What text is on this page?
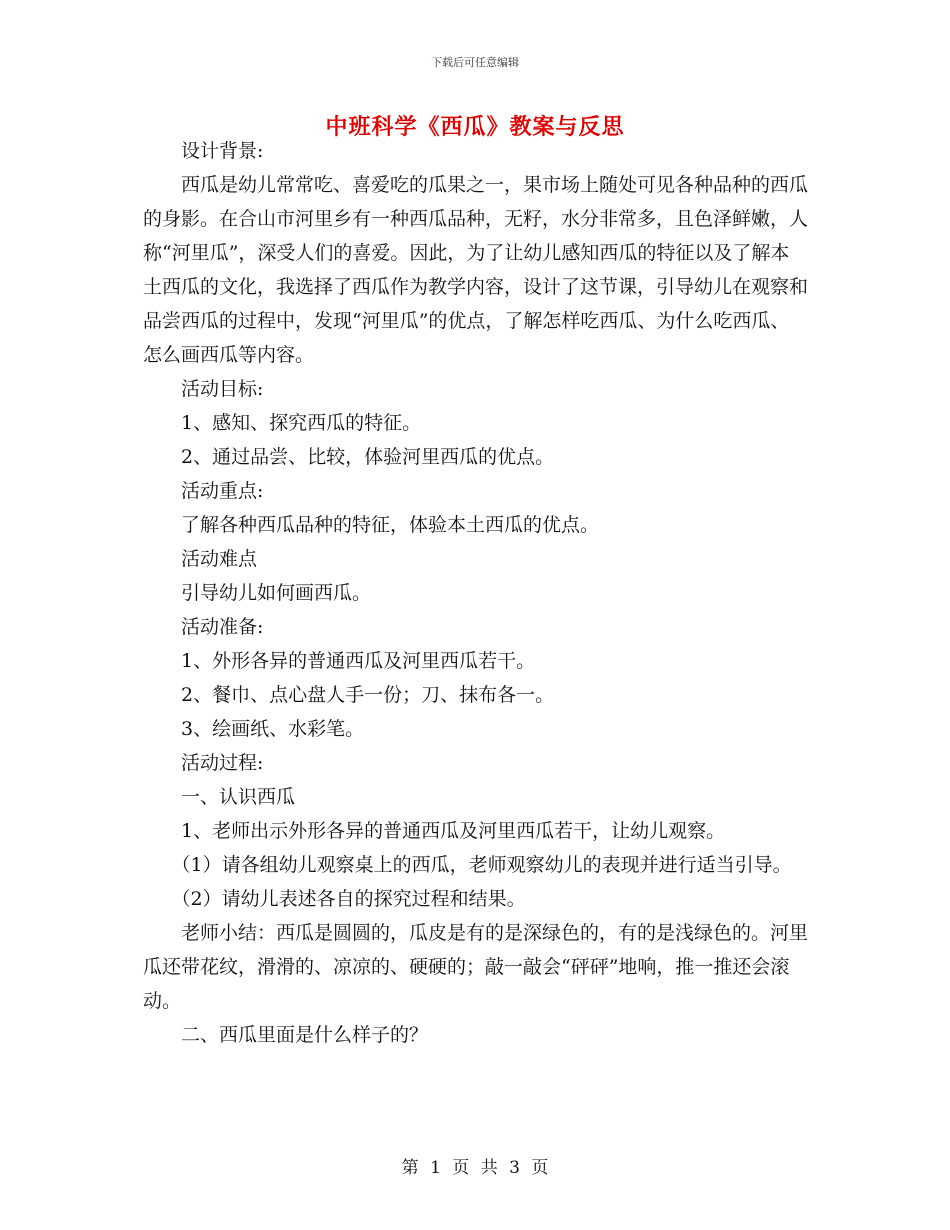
下载后可任意编辑
中班科学《西瓜》教案与反思

设计背景:

西瓜是幼儿常常吃、喜爱吃的瓜果之一，果市场上随处可见各种品种的西瓜的身影。在合山市河里乡有一种西瓜品种，无籽，水分非常多，且色泽鲜嫩，人称“河里瓜”，深受人们的喜爱。因此，为了让幼儿感知西瓜的特征以及了解本土西瓜的文化，我选择了西瓜作为教学内容，设计了这节课，引导幼儿在观察和品尝西瓜的过程中，发现“河里瓜”的优点，了解怎样吃西瓜、为什么吃西瓜、怎么画西瓜等内容。

活动目标:

1、感知、探究西瓜的特征。

2、通过品尝、比较，体验河里西瓜的优点。

活动重点:

了解各种西瓜品种的特征，体验本土西瓜的优点。

活动难点

引导幼儿如何画西瓜。

活动准备:

1、外形各异的普通西瓜及河里西瓜若干。

2、餐巾、点心盘人手一份；刀、抹布各一。

3、绘画纸、水彩笔。

活动过程:

一、认识西瓜

1、老师出示外形各异的普通西瓜及河里西瓜若干，让幼儿观察。

（1）请各组幼儿观察桌上的西瓜，老师观察幼儿的表现并进行适当引导。

（2）请幼儿表述各自的探究过程和结果。

老师小结：西瓜是圆圆的，瓜皮是有的是深绿色的，有的是浅绿色的。河里瓜还带花纹，滑滑的、凉凉的、硬硬的；敲一敲会“砰砰”地响，推一推还会滚动。

二、西瓜里面是什么样子的？

第 1 页 共 3 页
